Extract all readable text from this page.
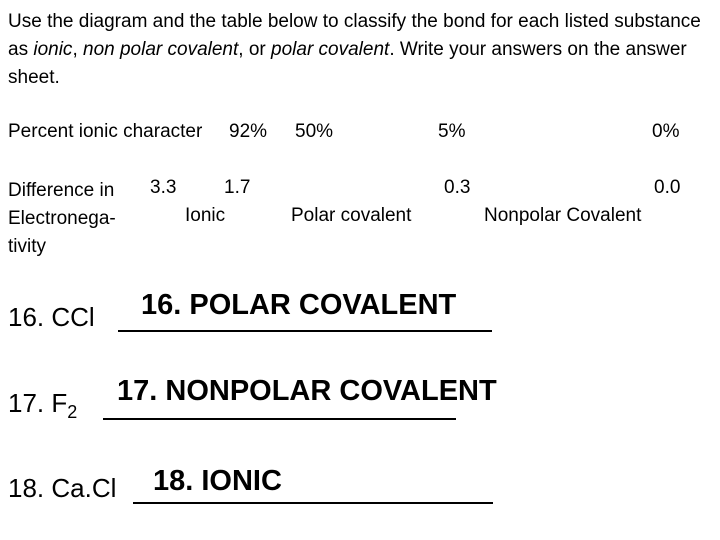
Use the diagram and the table below to classify the bond for each listed substance as ionic, non polar covalent, or polar covalent. Write your answers on the answer sheet.
Percent ionic character 92% 50%	5%	0%
Difference in
Electronega-
tivity
3.3	1.7	0.3	0.0
Ionic	Polar covalent	Nonpolar Covalent
16. CCl 16. POLAR COVALENT
17. $F_2$
17. NONPOLAR COVALENT
18. Ca.Cl 18. IONIC
